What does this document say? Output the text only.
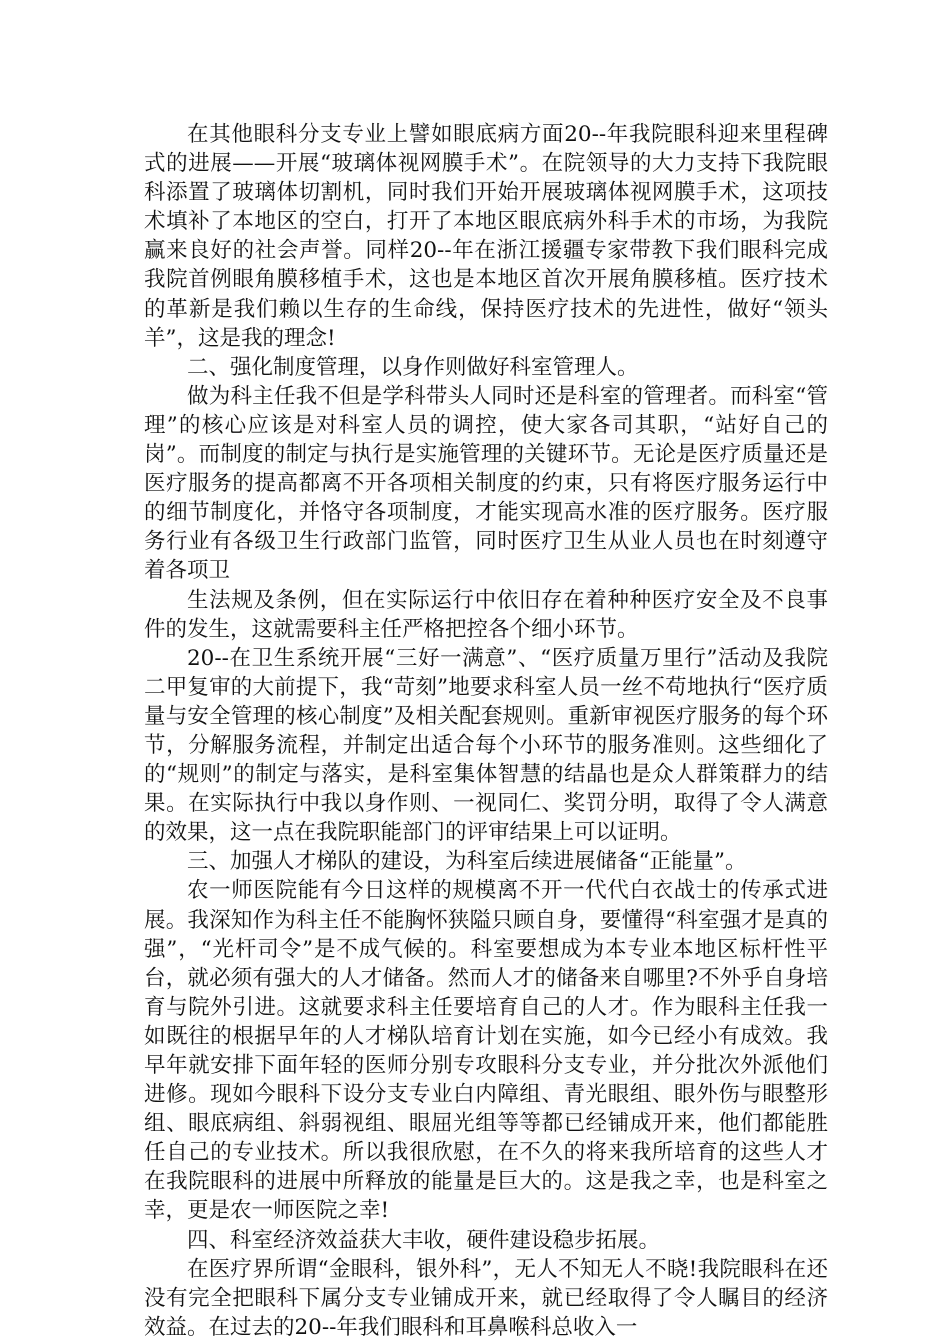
在其他眼科分支专业上譬如眼底病方面20--年我院眼科迎来里程碑式的进展——开展“玻璃体视网膜手术”。在院领导的大力支持下我院眼科添置了玻璃体切割机，同时我们开始开展玻璃体视网膜手术，这项技术填补了本地区的空白，打开了本地区眼底病外科手术的市场，为我院赢来良好的社会声誉。同样20--年在浙江援疆专家带教下我们眼科完成我院首例眼角膜移植手术，这也是本地区首次开展角膜移植。医疗技术的革新是我们赖以生存的生命线，保持医疗技术的先进性，做好“领头羊”，这是我的理念!

二、强化制度管理，以身作则做好科室管理人。

做为科主任我不但是学科带头人同时还是科室的管理者。而科室“管理”的核心应该是对科室人员的调控，使大家各司其职，“站好自己的岗”。而制度的制定与执行是实施管理的关键环节。无论是医疗质量还是医疗服务的提高都离不开各项相关制度的约束，只有将医疗服务运行中的细节制度化，并恪守各项制度，才能实现高水准的医疗服务。医疗服务行业有各级卫生行政部门监管，同时医疗卫生从业人员也在时刻遵守着各项卫

生法规及条例，但在实际运行中依旧存在着种种医疗安全及不良事件的发生，这就需要科主任严格把控各个细小环节。

20--在卫生系统开展“三好一满意”、“医疗质量万里行”活动及我院二甲复审的大前提下，我“苛刻”地要求科室人员一丝不苟地执行“医疗质量与安全管理的核心制度”及相关配套规则。重新审视医疗服务的每个环节，分解服务流程，并制定出适合每个小环节的服务准则。这些细化了的“规则”的制定与落实，是科室集体智慧的结晶也是众人群策群力的结果。在实际执行中我以身作则、一视同仁、奖罚分明，取得了令人满意的效果，这一点在我院职能部门的评审结果上可以证明。

三、加强人才梯队的建设，为科室后续进展储备“正能量”。

农一师医院能有今日这样的规模离不开一代代白衣战士的传承式进展。我深知作为科主任不能胸怀狭隘只顾自身，要懂得“科室强才是真的强”，“光杆司令”是不成气候的。科室要想成为本专业本地区标杆性平台，就必须有强大的人才储备。然而人才的储备来自哪里?不外乎自身培育与院外引进。这就要求科主任要培育自己的人才。作为眼科主任我一如既往的根据早年的人才梯队培育计划在实施，如今已经小有成效。我早年就安排下面年轻的医师分别专攻眼科分支专业，并分批次外派他们进修。现如今眼科下设分支专业白内障组、青光眼组、眼外伤与眼整形组、眼底病组、斜弱视组、眼屈光组等等都已经铺成开来，他们都能胜任自己的专业技术。所以我很欣慰，在不久的将来我所培育的这些人才在我院眼科的进展中所释放的能量是巨大的。这是我之幸，也是科室之幸，更是农一师医院之幸!

四、科室经济效益获大丰收，硬件建设稳步拓展。

在医疗界所谓“金眼科，银外科”，无人不知无人不晓!我院眼科在还没有完全把眼科下属分支专业铺成开来，就已经取得了令人瞩目的经济效益。在过去的20--年我们眼科和耳鼻喉科总收入一
